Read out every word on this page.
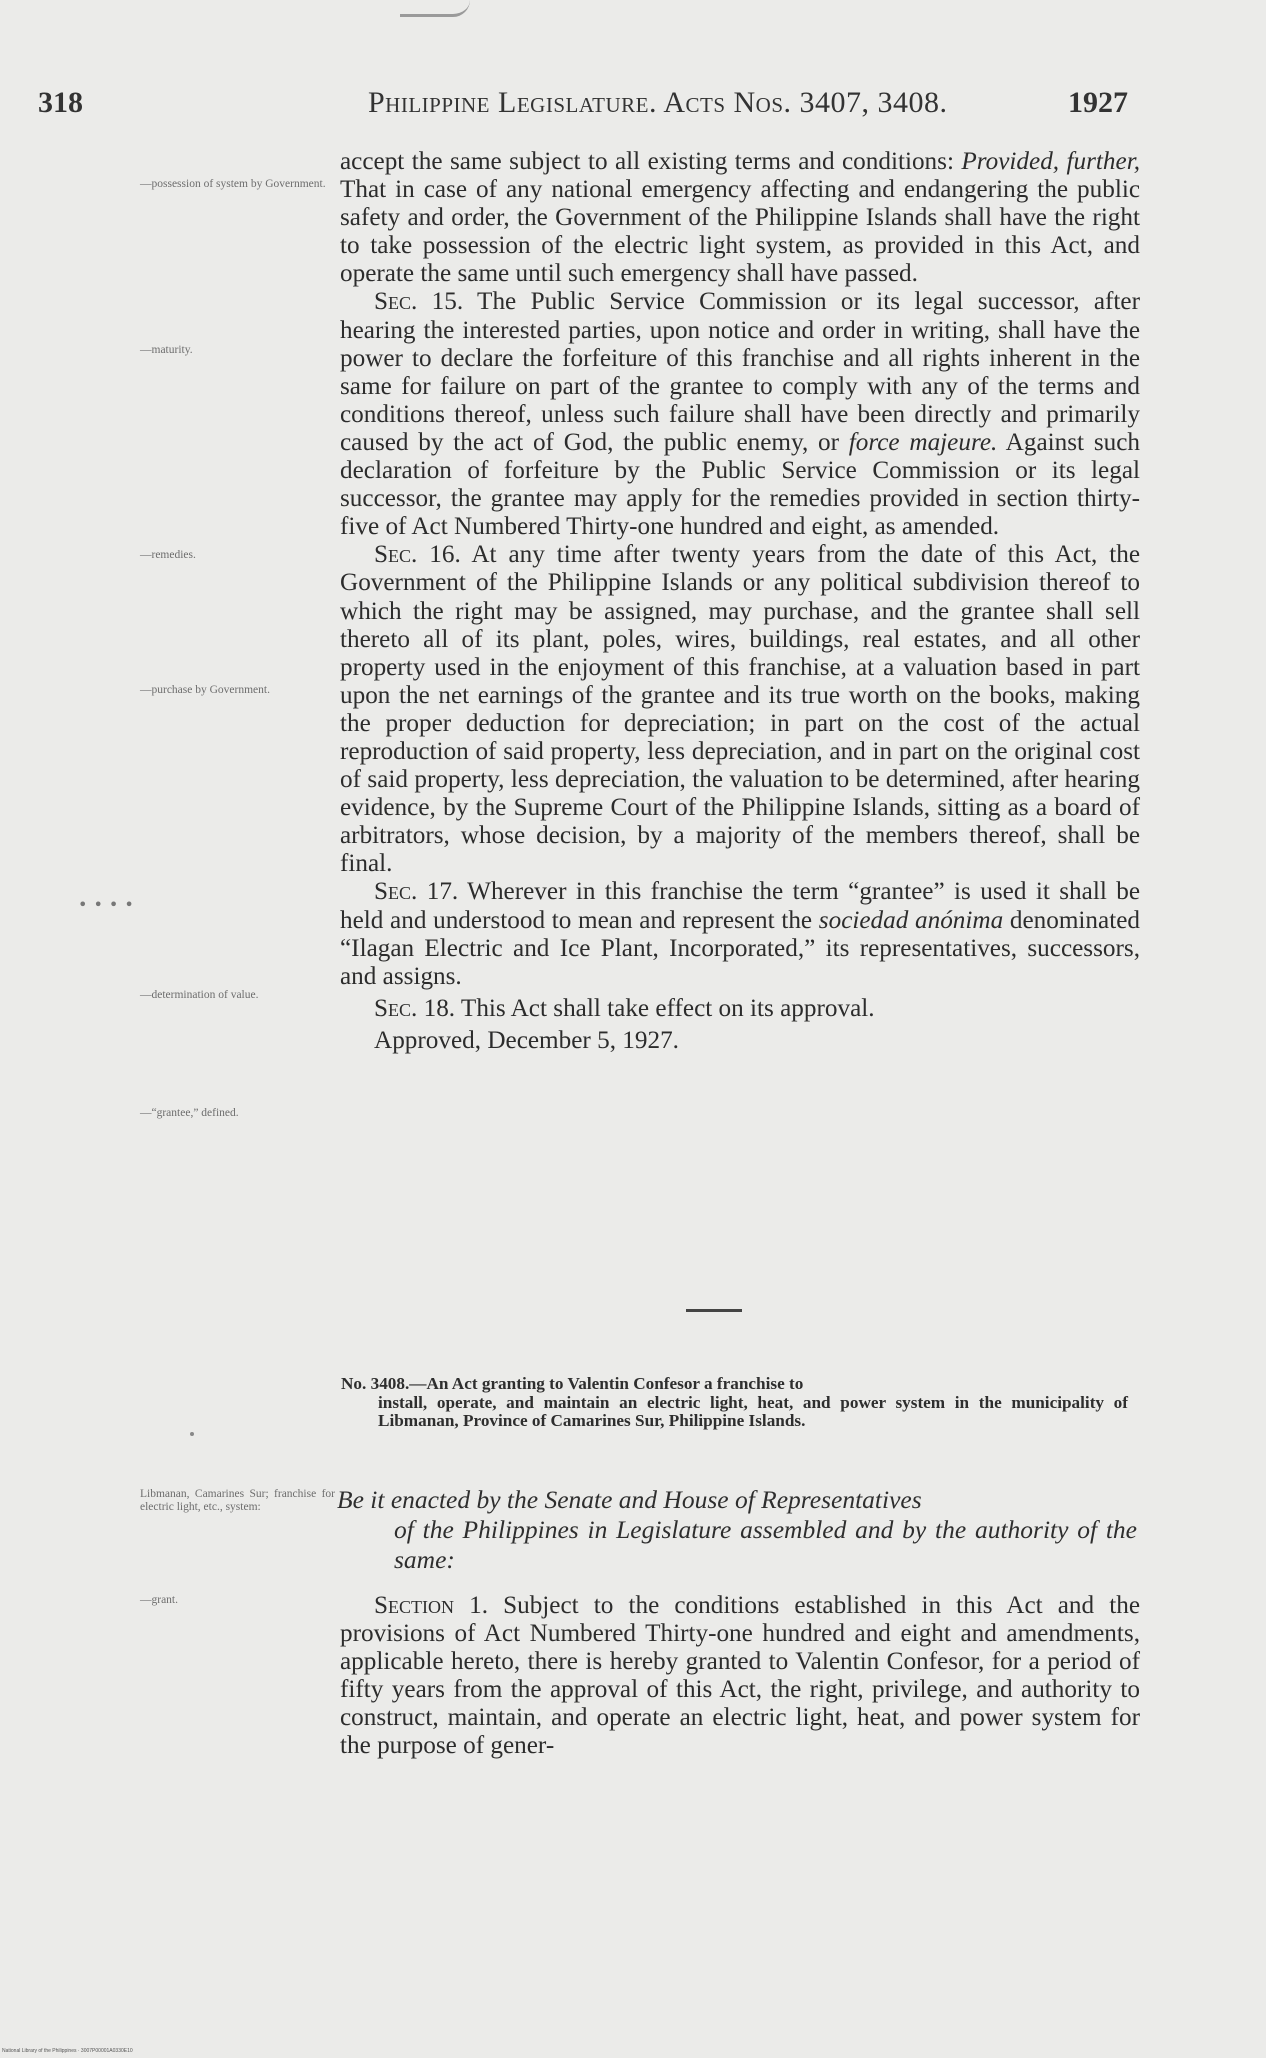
318	Philippine Legislature. Acts Nos. 3407, 3408.	1927
—possession of system by Government.
—maturity.
—remedies.
—purchase by Government.
—determination of value.
—“grantee,” defined.
Libmanan, Camarines Sur; franchise for electric light, etc., system:
—grant.
••••

accept the same subject to all existing terms and conditions: Provided, further, That in case of any national emergency affecting and endangering the public safety and order, the Government of the Philippine Islands shall have the right to take possession of the electric light system, as provided in this Act, and operate the same until such emergency shall have passed.

Sec. 15. The Public Service Commission or its legal successor, after hearing the interested parties, upon notice and order in writing, shall have the power to declare the forfeiture of this franchise and all rights inherent in the same for failure on part of the grantee to comply with any of the terms and conditions thereof, unless such failure shall have been directly and primarily caused by the act of God, the public enemy, or force majeure. Against such declaration of forfeiture by the Public Service Commission or its legal successor, the grantee may apply for the remedies provided in section thirty-five of Act Numbered Thirty-one hundred and eight, as amended.

Sec. 16. At any time after twenty years from the date of this Act, the Government of the Philippine Islands or any political subdivision thereof to which the right may be assigned, may purchase, and the grantee shall sell thereto all of its plant, poles, wires, buildings, real estates, and all other property used in the enjoyment of this franchise, at a valuation based in part upon the net earnings of the grantee and its true worth on the books, making the proper deduction for depreciation; in part on the cost of the actual reproduction of said property, less depreciation, and in part on the original cost of said property, less depreciation, the valuation to be determined, after hearing evidence, by the Supreme Court of the Philippine Islands, sitting as a board of arbitrators, whose decision, by a majority of the members thereof, shall be final.

Sec. 17. Wherever in this franchise the term “grantee” is used it shall be held and understood to mean and represent the sociedad anónima denominated “Ilagan Electric and Ice Plant, Incorporated,” its representatives, successors, and assigns.

Sec. 18. This Act shall take effect on its approval.

Approved, December 5, 1927.

No. 3408.—An Act granting to Valentin Confesor a franchise to
install, operate, and maintain an electric light, heat, and power system in the municipality of Libmanan, Province of Camarines Sur, Philippine Islands.
Be it enacted by the Senate and House of Representatives
of the Philippines in Legislature assembled and by the authority of the same:

Section 1. Subject to the conditions established in this Act and the provisions of Act Numbered Thirty-one hundred and eight and amendments, applicable hereto, there is hereby granted to Valentin Confesor, for a period of fifty years from the approval of this Act, the right, privilege, and authority to construct, maintain, and operate an electric light, heat, and power system for the purpose of gener-

National Library of the Philippines · 3007P00001A0330E10
